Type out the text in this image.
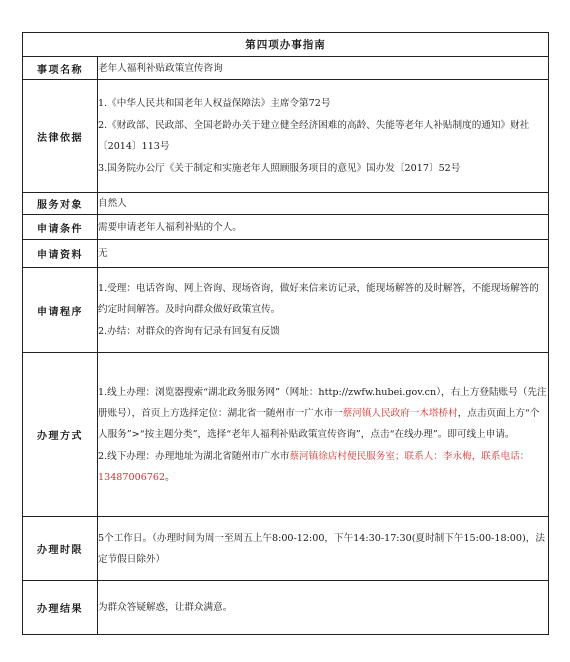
第四项办事指南	
事项名称	老年人福利补贴政策宣传咨询
法律依据	1.《中华人民共和国老年人权益保障法》主席令第72号

2.《财政部、民政部、全国老龄办关于建立健全经济困难的高龄、失能等老年人补贴制度的通知》财社〔2014〕113号

3.国务院办公厅《关于制定和实施老年人照顾服务项目的意见》国办发〔2017〕52号

服务对象	自然人
申请条件	需要申请老年人福利补贴的个人。
申请资料	无
申请程序	1.受理：电话咨询、网上咨询、现场咨询，做好来信来访记录，能现场解答的及时解答，不能现场解答的约定时间解答。及时向群众做好政策宣传。

2.办结：对群众的咨询有记录有回复有反馈

办理方式	1.线上办理：浏览器搜索“湖北政务服务网”（网址：http://zwfw.hubei.gov.cn），右上方登陆账号（先注册账号），首页上方选择定位：湖北省一随州市一广水市一蔡河镇人民政府一木塔桥村，点击页面上方“个人服务”>“按主题分类”，选择“老年人福利补贴政策宣传咨询”，点击“在线办理”。即可线上申请。

2.线下办理：办理地址为湖北省随州市广水市蔡河镇徐店村便民服务室；联系人：李永梅，联系电话：13487006762。

办理时限	5个工作日。（办理时间为周一至周五上午8:00-12:00，下午14:30-17:30(夏时制下午15:00-18:00)，法定节假日除外）
办理结果	为群众答疑解惑，让群众满意。
